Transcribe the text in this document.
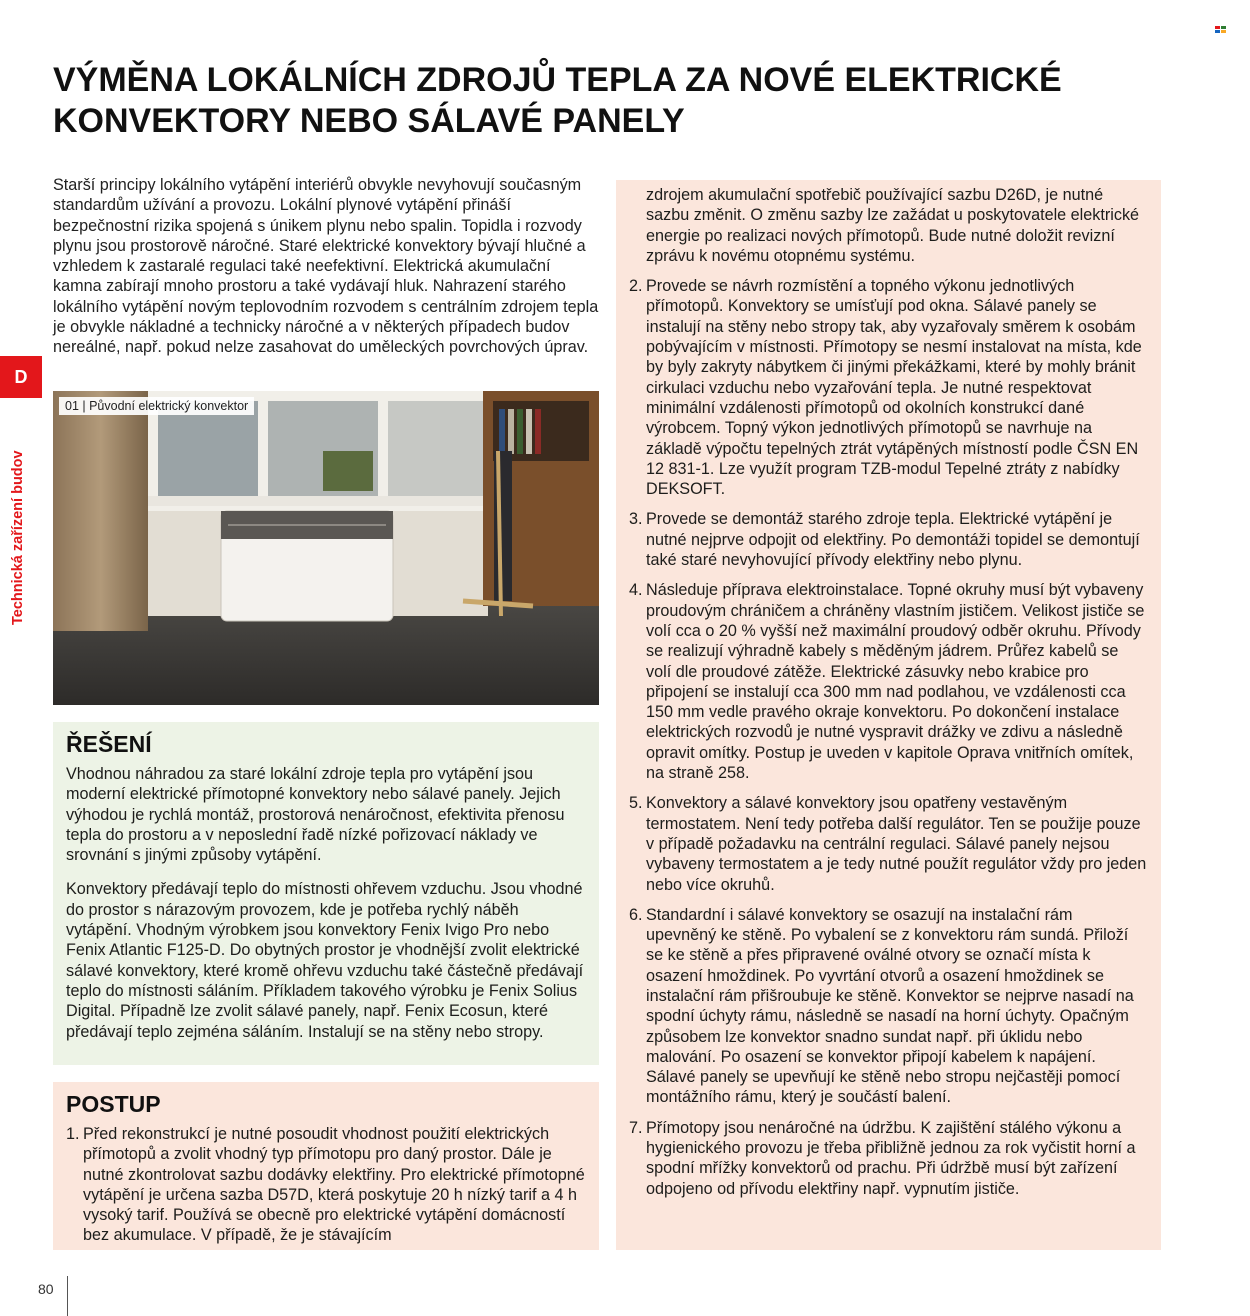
VÝMĚNA LOKÁLNÍCH ZDROJŮ TEPLA ZA NOVÉ ELEKTRICKÉ KONVEKTORY NEBO SÁLAVÉ PANELY

Starší principy lokálního vytápění interiérů obvykle nevyhovují současným standardům užívání a provozu. Lokální plynové vytápění přináší bezpečnostní rizika spojená s únikem plynu nebo spalin. Topidla i rozvody plynu jsou prostorově náročné. Staré elektrické konvektory bývají hlučné a vzhledem k zastaralé regulaci také neefektivní. Elektrická akumulační kamna zabírají mnoho prostoru a také vydávají hluk. Nahrazení starého lokálního vytápění novým teplovodním rozvodem s centrálním zdrojem tepla je obvykle nákladné a technicky náročné a v některých případech budov nereálné, např. pokud nelze zasahovat do uměleckých povrchových úprav.

D
Technická zařízení budov
01 | Původní elektrický konvektor
ŘEŠENÍ

Vhodnou náhradou za staré lokální zdroje tepla pro vytápění jsou moderní elektrické přímotopné konvektory nebo sálavé panely. Jejich výhodou je rychlá montáž, prostorová nenáročnost, efektivita přenosu tepla do prostoru a v neposlední řadě nízké pořizovací náklady ve srovnání s jinými způsoby vytápění.

Konvektory předávají teplo do místnosti ohřevem vzduchu. Jsou vhodné do prostor s nárazovým provozem, kde je potřeba rychlý náběh vytápění. Vhodným výrobkem jsou konvektory Fenix Ivigo Pro nebo Fenix Atlantic F125-D. Do obytných prostor je vhodnější zvolit elektrické sálavé konvektory, které kromě ohřevu vzduchu také částečně předávají teplo do místnosti sáláním. Příkladem takového výrobku je Fenix Solius Digital. Případně lze zvolit sálavé panely, např. Fenix Ecosun, které předávají teplo zejména sáláním. Instalují se na stěny nebo stropy.

POSTUP
1. Před rekonstrukcí je nutné posoudit vhodnost použití elektrických přímotopů a zvolit vhodný typ přímotopu pro daný prostor. Dále je nutné zkontrolovat sazbu dodávky elektřiny. Pro elektrické přímotopné vytápění je určena sazba D57D, která poskytuje 20 h nízký tarif a 4 h vysoký tarif. Používá se obecně pro elektrické vytápění domácností bez akumulace. V případě, že je stávajícím

zdrojem akumulační spotřebič používající sazbu D26D, je nutné sazbu změnit. O změnu sazby lze zažádat u poskytovatele elektrické energie po realizaci nových přímotopů. Bude nutné doložit revizní zprávu k novému otopnému systému.

2. Provede se návrh rozmístění a topného výkonu jednotlivých přímotopů. Konvektory se umísťují pod okna. Sálavé panely se instalují na stěny nebo stropy tak, aby vyzařovaly směrem k osobám pobývajícím v místnosti. Přímotopy se nesmí instalovat na místa, kde by byly zakryty nábytkem či jinými překážkami, které by mohly bránit cirkulaci vzduchu nebo vyzařování tepla. Je nutné respektovat minimální vzdálenosti přímotopů od okolních konstrukcí dané výrobcem. Topný výkon jednotlivých přímotopů se navrhuje na základě výpočtu tepelných ztrát vytápěných místností podle ČSN EN 12 831-1. Lze využít program TZB-modul Tepelné ztráty z nabídky DEKSOFT.
3. Provede se demontáž starého zdroje tepla. Elektrické vytápění je nutné nejprve odpojit od elektřiny. Po demontáži topidel se demontují také staré nevyhovující přívody elektřiny nebo plynu.
4. Následuje příprava elektroinstalace. Topné okruhy musí být vybaveny proudovým chráničem a chráněny vlastním jističem. Velikost jističe se volí cca o 20 % vyšší než maximální proudový odběr okruhu. Přívody se realizují výhradně kabely s měděným jádrem. Průřez kabelů se volí dle proudové zátěže. Elektrické zásuvky nebo krabice pro připojení se instalují cca 300 mm nad podlahou, ve vzdálenosti cca 150 mm vedle pravého okraje konvektoru. Po dokončení instalace elektrických rozvodů je nutné vyspravit drážky ve zdivu a následně opravit omítky. Postup je uveden v kapitole Oprava vnitřních omítek, na straně 258.
5. Konvektory a sálavé konvektory jsou opatřeny vestavěným termostatem. Není tedy potřeba další regulátor. Ten se použije pouze v případě požadavku na centrální regulaci. Sálavé panely nejsou vybaveny termostatem a je tedy nutné použít regulátor vždy pro jeden nebo více okruhů.
6. Standardní i sálavé konvektory se osazují na instalační rám upevněný ke stěně. Po vybalení se z konvektoru rám sundá. Přiloží se ke stěně a přes připravené oválné otvory se označí místa k osazení hmoždinek. Po vyvrtání otvorů a osazení hmoždinek se instalační rám přišroubuje ke stěně. Konvektor se nejprve nasadí na spodní úchyty rámu, následně se nasadí na horní úchyty. Opačným způsobem lze konvektor snadno sundat např. při úklidu nebo malování. Po osazení se konvektor připojí kabelem k napájení. Sálavé panely se upevňují ke stěně nebo stropu nejčastěji pomocí montážního rámu, který je součástí balení.
7. Přímotopy jsou nenáročné na údržbu. K zajištění stálého výkonu a hygienického provozu je třeba přibližně jednou za rok vyčistit horní a spodní mřížky konvektorů od prachu. Při údržbě musí být zařízení odpojeno od přívodu elektřiny např. vypnutím jističe.
80
